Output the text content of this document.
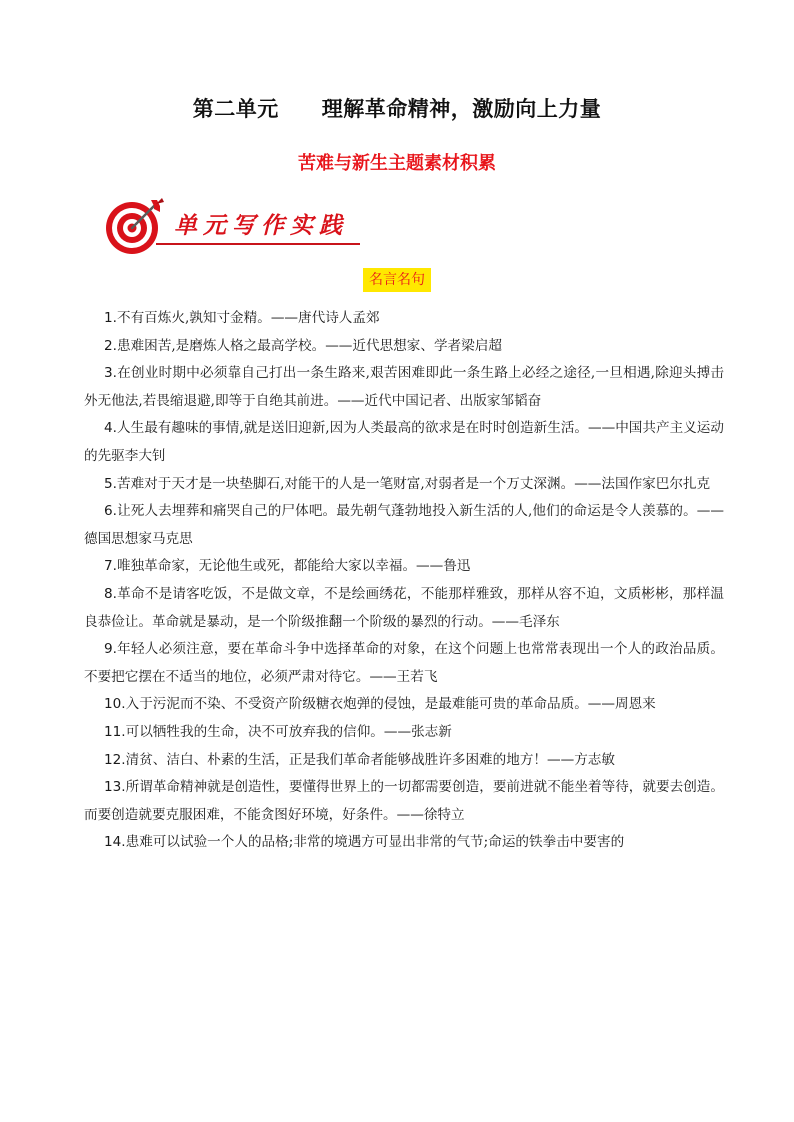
第二单元　　理解革命精神，激励向上力量
苦难与新生主题素材积累
单元写作实践
名言名句

1.不有百炼火,孰知寸金精。——唐代诗人孟郊

2.患难困苦,是磨炼人格之最高学校。——近代思想家、学者梁启超

3.在创业时期中必须靠自己打出一条生路来,艰苦困难即此一条生路上必经之途径,一旦相遇,除迎头搏击外无他法,若畏缩退避,即等于自绝其前进。——近代中国记者、出版家邹韬奋

4.人生最有趣味的事情,就是送旧迎新,因为人类最高的欲求是在时时创造新生活。——中国共产主义运动的先驱李大钊

5.苦难对于天才是一块垫脚石,对能干的人是一笔财富,对弱者是一个万丈深渊。——法国作家巴尔扎克

6.让死人去埋葬和痛哭自己的尸体吧。最先朝气蓬勃地投入新生活的人,他们的命运是令人羡慕的。——德国思想家马克思

7.唯独革命家，无论他生或死，都能给大家以幸福。——鲁迅

8.革命不是请客吃饭，不是做文章，不是绘画绣花，不能那样雅致，那样从容不迫，文质彬彬，那样温良恭俭让。革命就是暴动，是一个阶级推翻一个阶级的暴烈的行动。——毛泽东

9.年轻人必须注意，要在革命斗争中选择革命的对象，在这个问题上也常常表现出一个人的政治品质。不要把它摆在不适当的地位，必须严肃对待它。——王若飞

10.入于污泥而不染、不受资产阶级糖衣炮弹的侵蚀，是最难能可贵的革命品质。——周恩来

11.可以牺牲我的生命，决不可放弃我的信仰。——张志新

12.清贫、洁白、朴素的生活，正是我们革命者能够战胜许多困难的地方！——方志敏

13.所谓革命精神就是创造性，要懂得世界上的一切都需要创造，要前进就不能坐着等待，就要去创造。而要创造就要克服困难，不能贪图好环境，好条件。——徐特立

14.患难可以试验一个人的品格;非常的境遇方可显出非常的气节;命运的铁拳击中要害的
